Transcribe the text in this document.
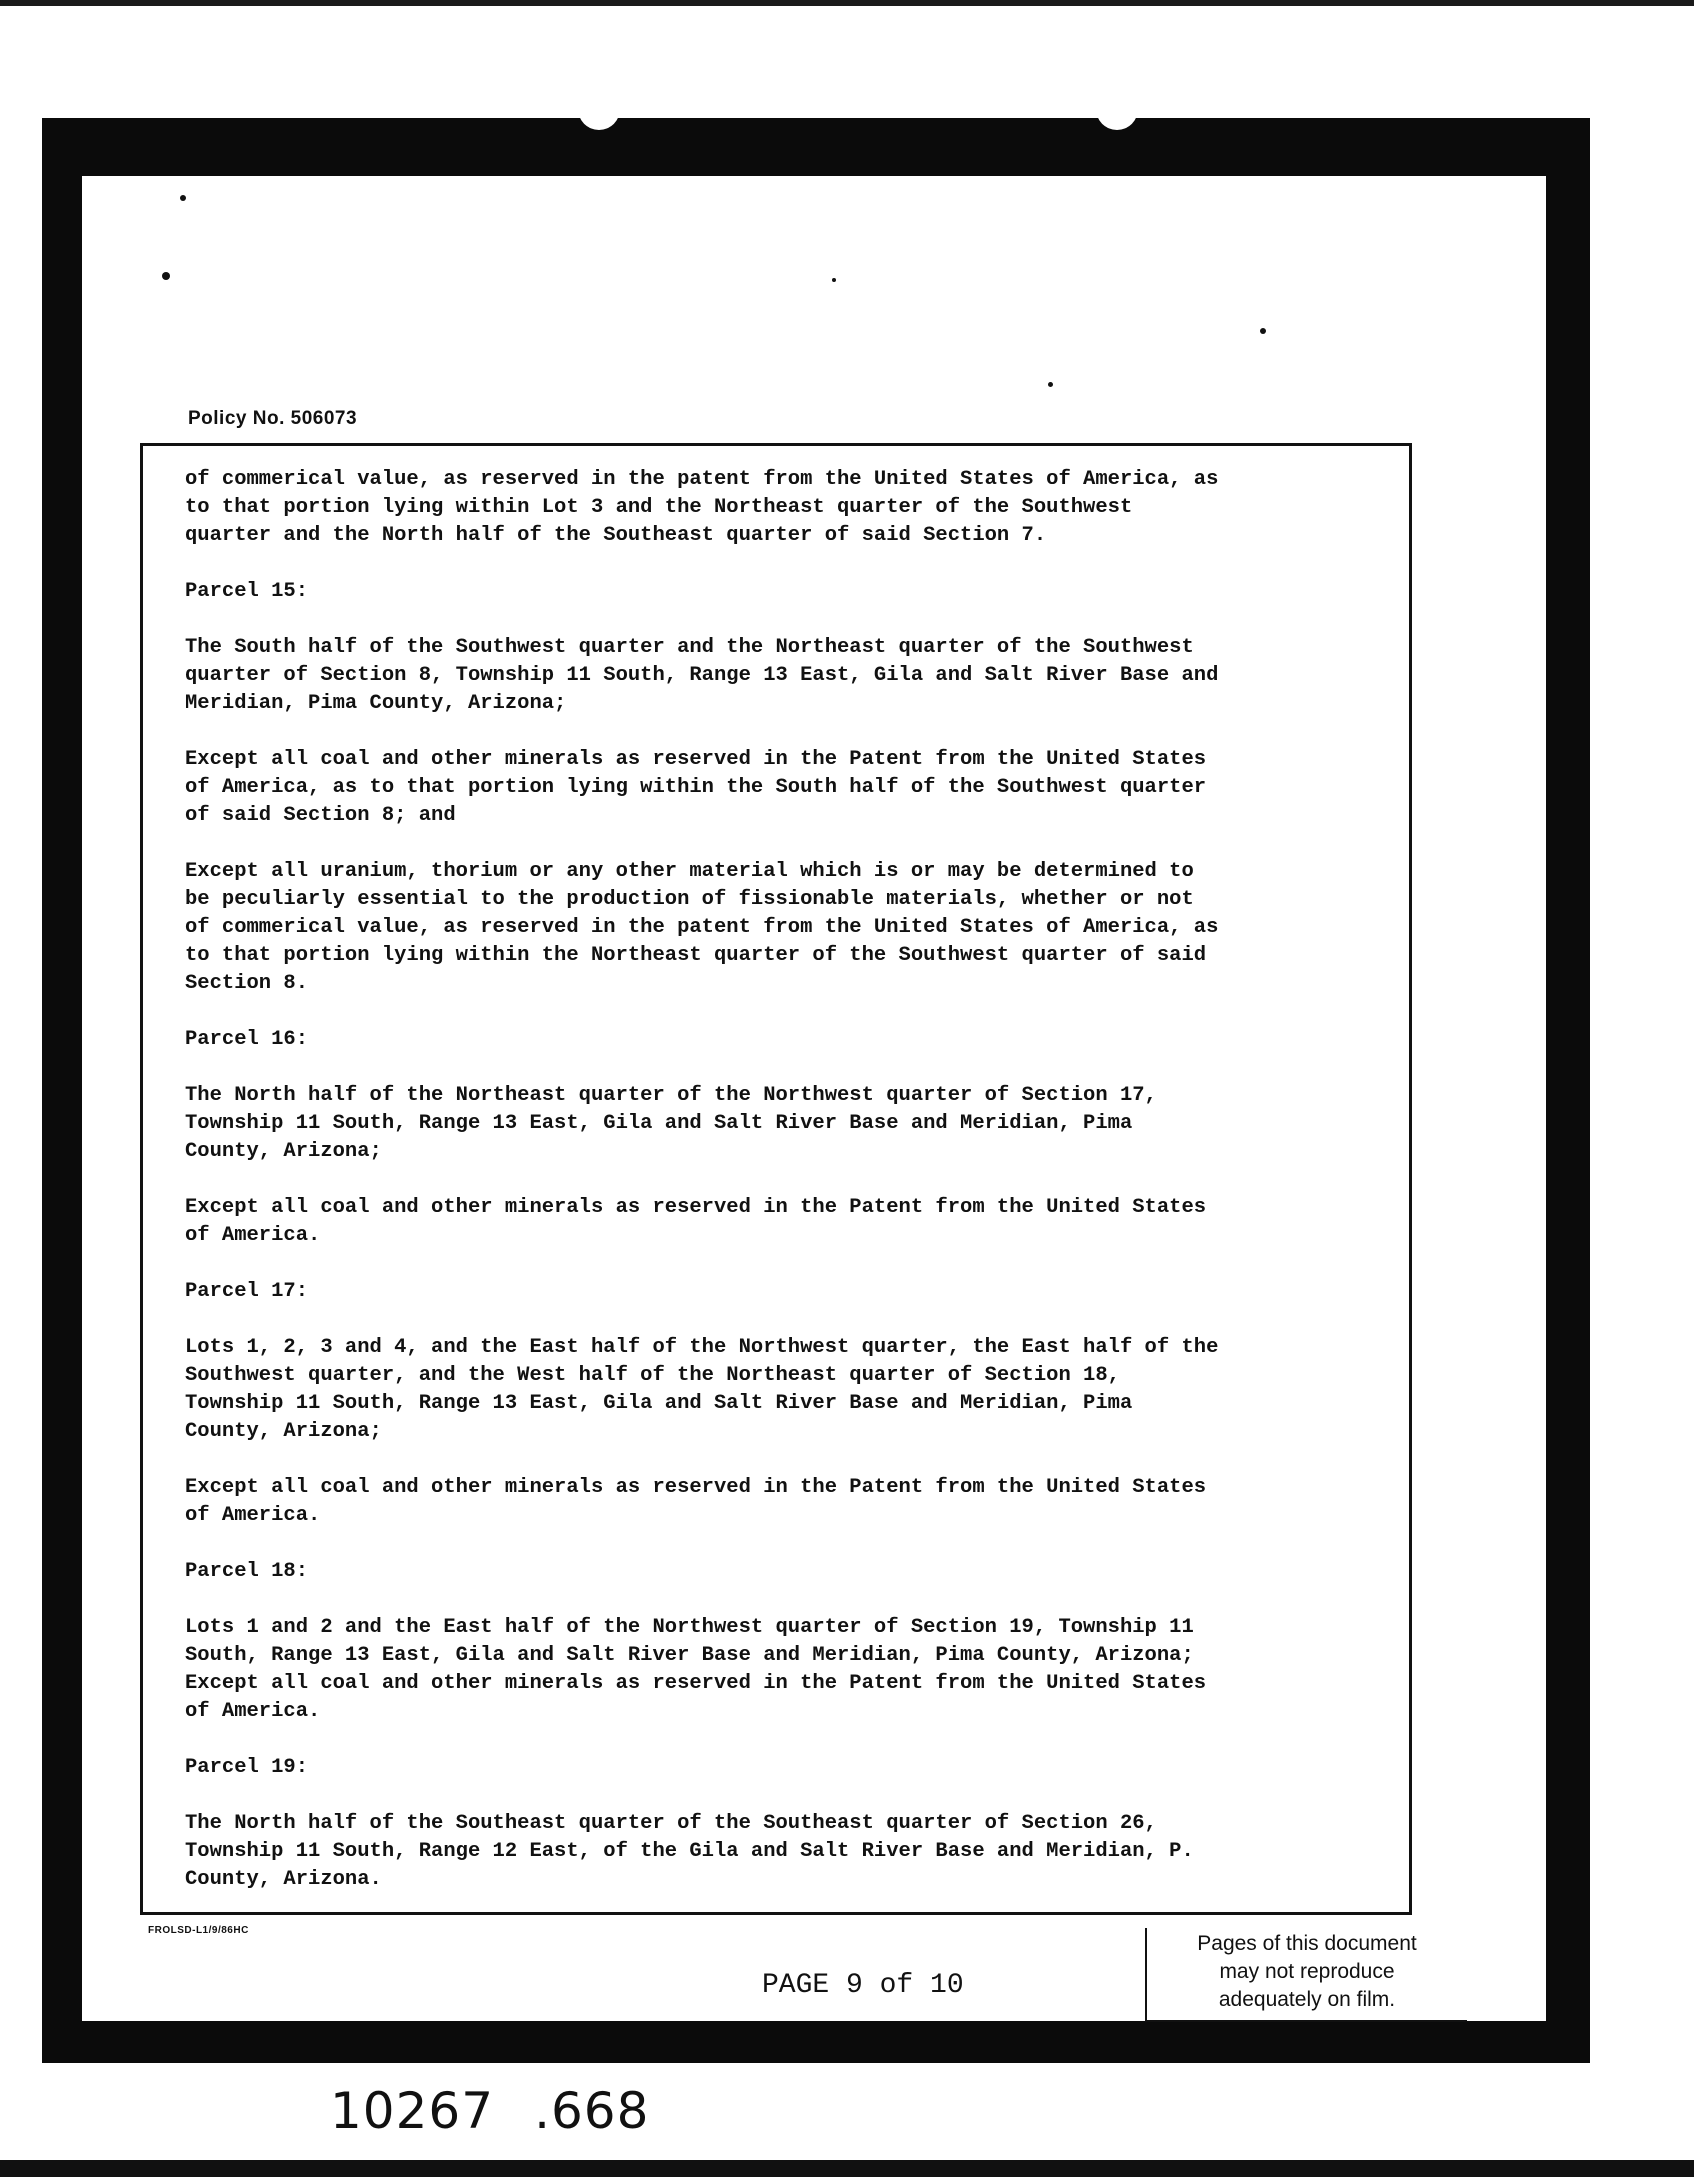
Policy No. 506073

of commerical value, as reserved in the patent from the United States of America, as
to that portion lying within Lot 3 and the Northeast quarter of the Southwest
quarter and the North half of the Southeast quarter of said Section 7.

Parcel 15:

The South half of the Southwest quarter and the Northeast quarter of the Southwest
quarter of Section 8, Township 11 South, Range 13 East, Gila and Salt River Base and
Meridian, Pima County, Arizona;

Except all coal and other minerals as reserved in the Patent from the United States
of America, as to that portion lying within the South half of the Southwest quarter
of said Section 8; and

Except all uranium, thorium or any other material which is or may be determined to
be peculiarly essential to the production of fissionable materials, whether or not
of commerical value, as reserved in the patent from the United States of America, as
to that portion lying within the Northeast quarter of the Southwest quarter of said
Section 8.

Parcel 16:

The North half of the Northeast quarter of the Northwest quarter of Section 17,
Township 11 South, Range 13 East, Gila and Salt River Base and Meridian, Pima
County, Arizona;

Except all coal and other minerals as reserved in the Patent from the United States
of America.

Parcel 17:

Lots 1, 2, 3 and 4, and the East half of the Northwest quarter, the East half of the
Southwest quarter, and the West half of the Northeast quarter of Section 18,
Township 11 South, Range 13 East, Gila and Salt River Base and Meridian, Pima
County, Arizona;

Except all coal and other minerals as reserved in the Patent from the United States
of America.

Parcel 18:

Lots 1 and 2 and the East half of the Northwest quarter of Section 19, Township 11
South, Range 13 East, Gila and Salt River Base and Meridian, Pima County, Arizona;
Except all coal and other minerals as reserved in the Patent from the United States
of America.

Parcel 19:

The North half of the Southeast quarter of the Southeast quarter of Section 26,
Township 11 South, Range 12 East, of the Gila and Salt River Base and Meridian, P.
County, Arizona.

FROLSD-L1/9/86HC
PAGE 9 of 10
Pages of this document
may not reproduce
adequately on film.
10267 .668
